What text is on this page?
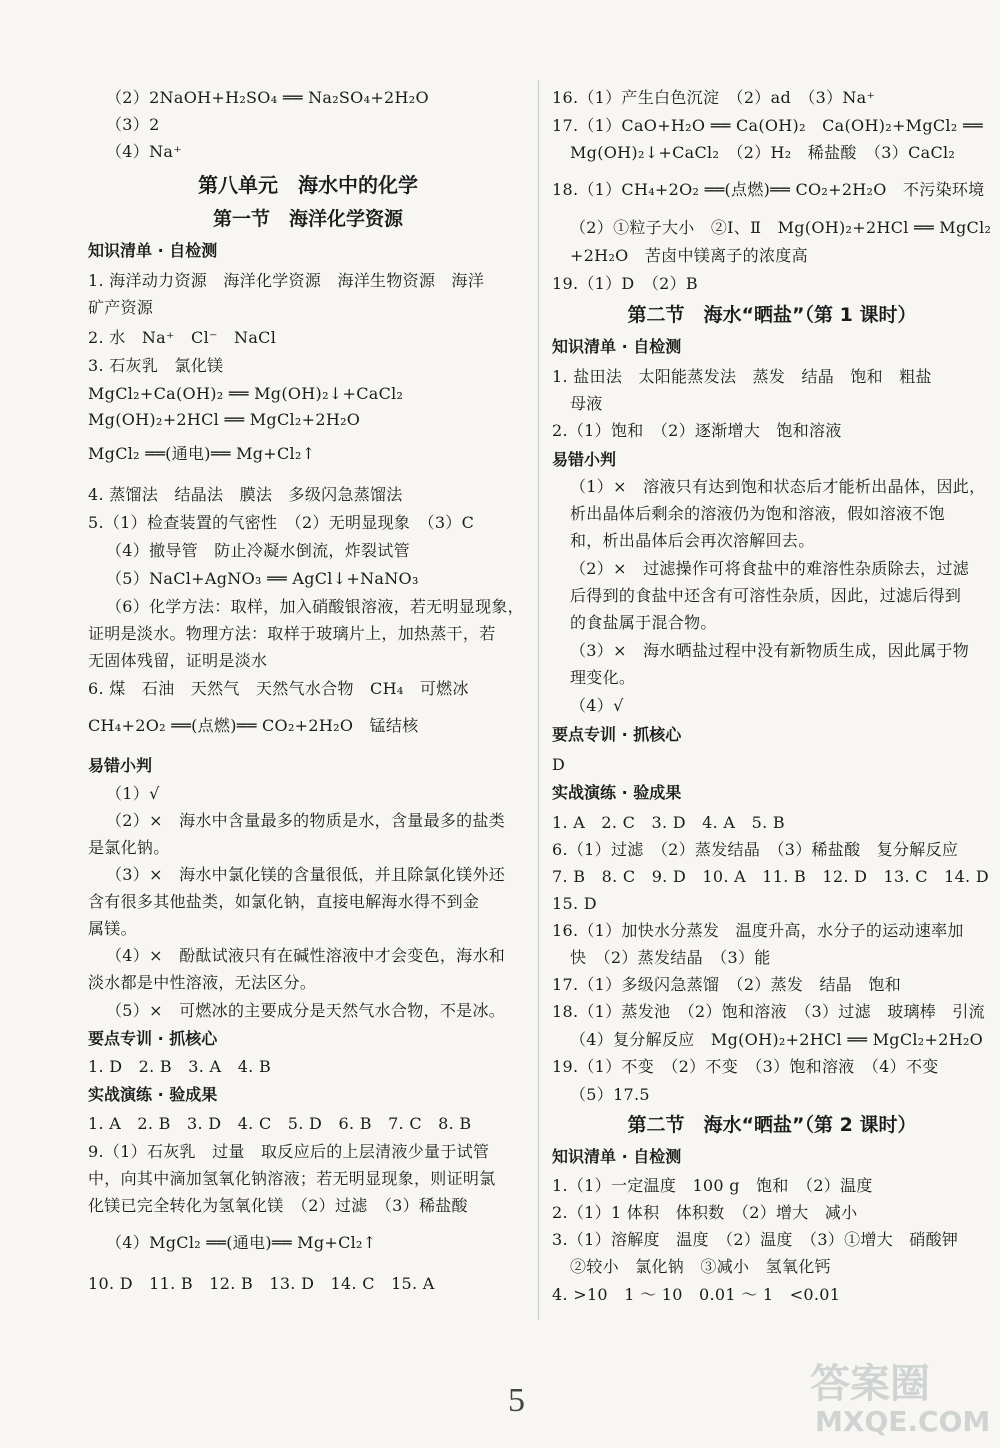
（2）2NaOH+H₂SO₄ ══ Na₂SO₄+2H₂O
（3）2
（4）Na⁺
第八单元　海水中的化学
第一节　海洋化学资源
知识清单 · 自检测
1. 海洋动力资源　海洋化学资源　海洋生物资源　海洋
矿产资源
2. 水　Na⁺　Cl⁻　NaCl
3. 石灰乳　氯化镁
MgCl₂+Ca(OH)₂ ══ Mg(OH)₂↓+CaCl₂
Mg(OH)₂+2HCl ══ MgCl₂+2H₂O
MgCl₂ ══(通电)══ Mg+Cl₂↑
4. 蒸馏法　结晶法　膜法　多级闪急蒸馏法
5.（1）检查装置的气密性　（2）无明显现象　（3）C
（4）撤导管　防止冷凝水倒流，炸裂试管
（5）NaCl+AgNO₃ ══ AgCl↓+NaNO₃
（6）化学方法：取样，加入硝酸银溶液，若无明显现象，
证明是淡水。物理方法：取样于玻璃片上，加热蒸干，若
无固体残留，证明是淡水
6. 煤　石油　天然气　天然气水合物　CH₄　可燃冰
CH₄+2O₂ ══(点燃)══ CO₂+2H₂O　锰结核
易错小判
（1）√
（2）×　海水中含量最多的物质是水，含量最多的盐类
是氯化钠。
（3）×　海水中氯化镁的含量很低，并且除氯化镁外还
含有很多其他盐类，如氯化钠，直接电解海水得不到金
属镁。
（4）×　酚酞试液只有在碱性溶液中才会变色，海水和
淡水都是中性溶液，无法区分。
（5）×　可燃冰的主要成分是天然气水合物，不是冰。
要点专训 · 抓核心
1. D　2. B　3. A　4. B
实战演练 · 验成果
1. A　2. B　3. D　4. C　5. D　6. B　7. C　8. B
9.（1）石灰乳　过量　取反应后的上层清液少量于试管
中，向其中滴加氢氧化钠溶液；若无明显现象，则证明氯
化镁已完全转化为氢氧化镁　（2）过滤　（3）稀盐酸
（4）MgCl₂ ══(通电)══ Mg+Cl₂↑
10. D　11. B　12. B　13. D　14. C　15. A
16.（1）产生白色沉淀　（2）ad　（3）Na⁺
17.（1）CaO+H₂O ══ Ca(OH)₂　Ca(OH)₂+MgCl₂ ══
Mg(OH)₂↓+CaCl₂　（2）H₂　稀盐酸　（3）CaCl₂
18.（1）CH₄+2O₂ ══(点燃)══ CO₂+2H₂O　不污染环境
（2）①粒子大小　②Ⅰ、Ⅱ　Mg(OH)₂+2HCl ══ MgCl₂
+2H₂O　苦卤中镁离子的浓度高
19.（1）D　（2）B
第二节　海水“晒盐”（第 1 课时）
知识清单 · 自检测
1. 盐田法　太阳能蒸发法　蒸发　结晶　饱和　粗盐
母液
2.（1）饱和　（2）逐渐增大　饱和溶液
易错小判
（1）×　溶液只有达到饱和状态后才能析出晶体，因此，
析出晶体后剩余的溶液仍为饱和溶液，假如溶液不饱
和，析出晶体后会再次溶解回去。
（2）×　过滤操作可将食盐中的难溶性杂质除去，过滤
后得到的食盐中还含有可溶性杂质，因此，过滤后得到
的食盐属于混合物。
（3）×　海水晒盐过程中没有新物质生成，因此属于物
理变化。
（4）√
要点专训 · 抓核心
D
实战演练 · 验成果
1. A　2. C　3. D　4. A　5. B
6.（1）过滤　（2）蒸发结晶　（3）稀盐酸　复分解反应
7. B　8. C　9. D　10. A　11. B　12. D　13. C　14. D
15. D
16.（1）加快水分蒸发　温度升高，水分子的运动速率加
快　（2）蒸发结晶　（3）能
17.（1）多级闪急蒸馏　（2）蒸发　结晶　饱和
18.（1）蒸发池　（2）饱和溶液　（3）过滤　玻璃棒　引流
（4）复分解反应　Mg(OH)₂+2HCl ══ MgCl₂+2H₂O
19.（1）不变　（2）不变　（3）饱和溶液　（4）不变
（5）17.5
第二节　海水“晒盐”（第 2 课时）
知识清单 · 自检测
1.（1）一定温度　100 g　饱和　（2）温度
2.（1）1 体积　体积数　（2）增大　减小
3.（1）溶解度　温度　（2）温度　（3）①增大　硝酸钾
②较小　氯化钠　③减小　氢氧化钙
4. >10　1 ～ 10　0.01 ～ 1　<0.01
5	答案圈
MXQE.COM
